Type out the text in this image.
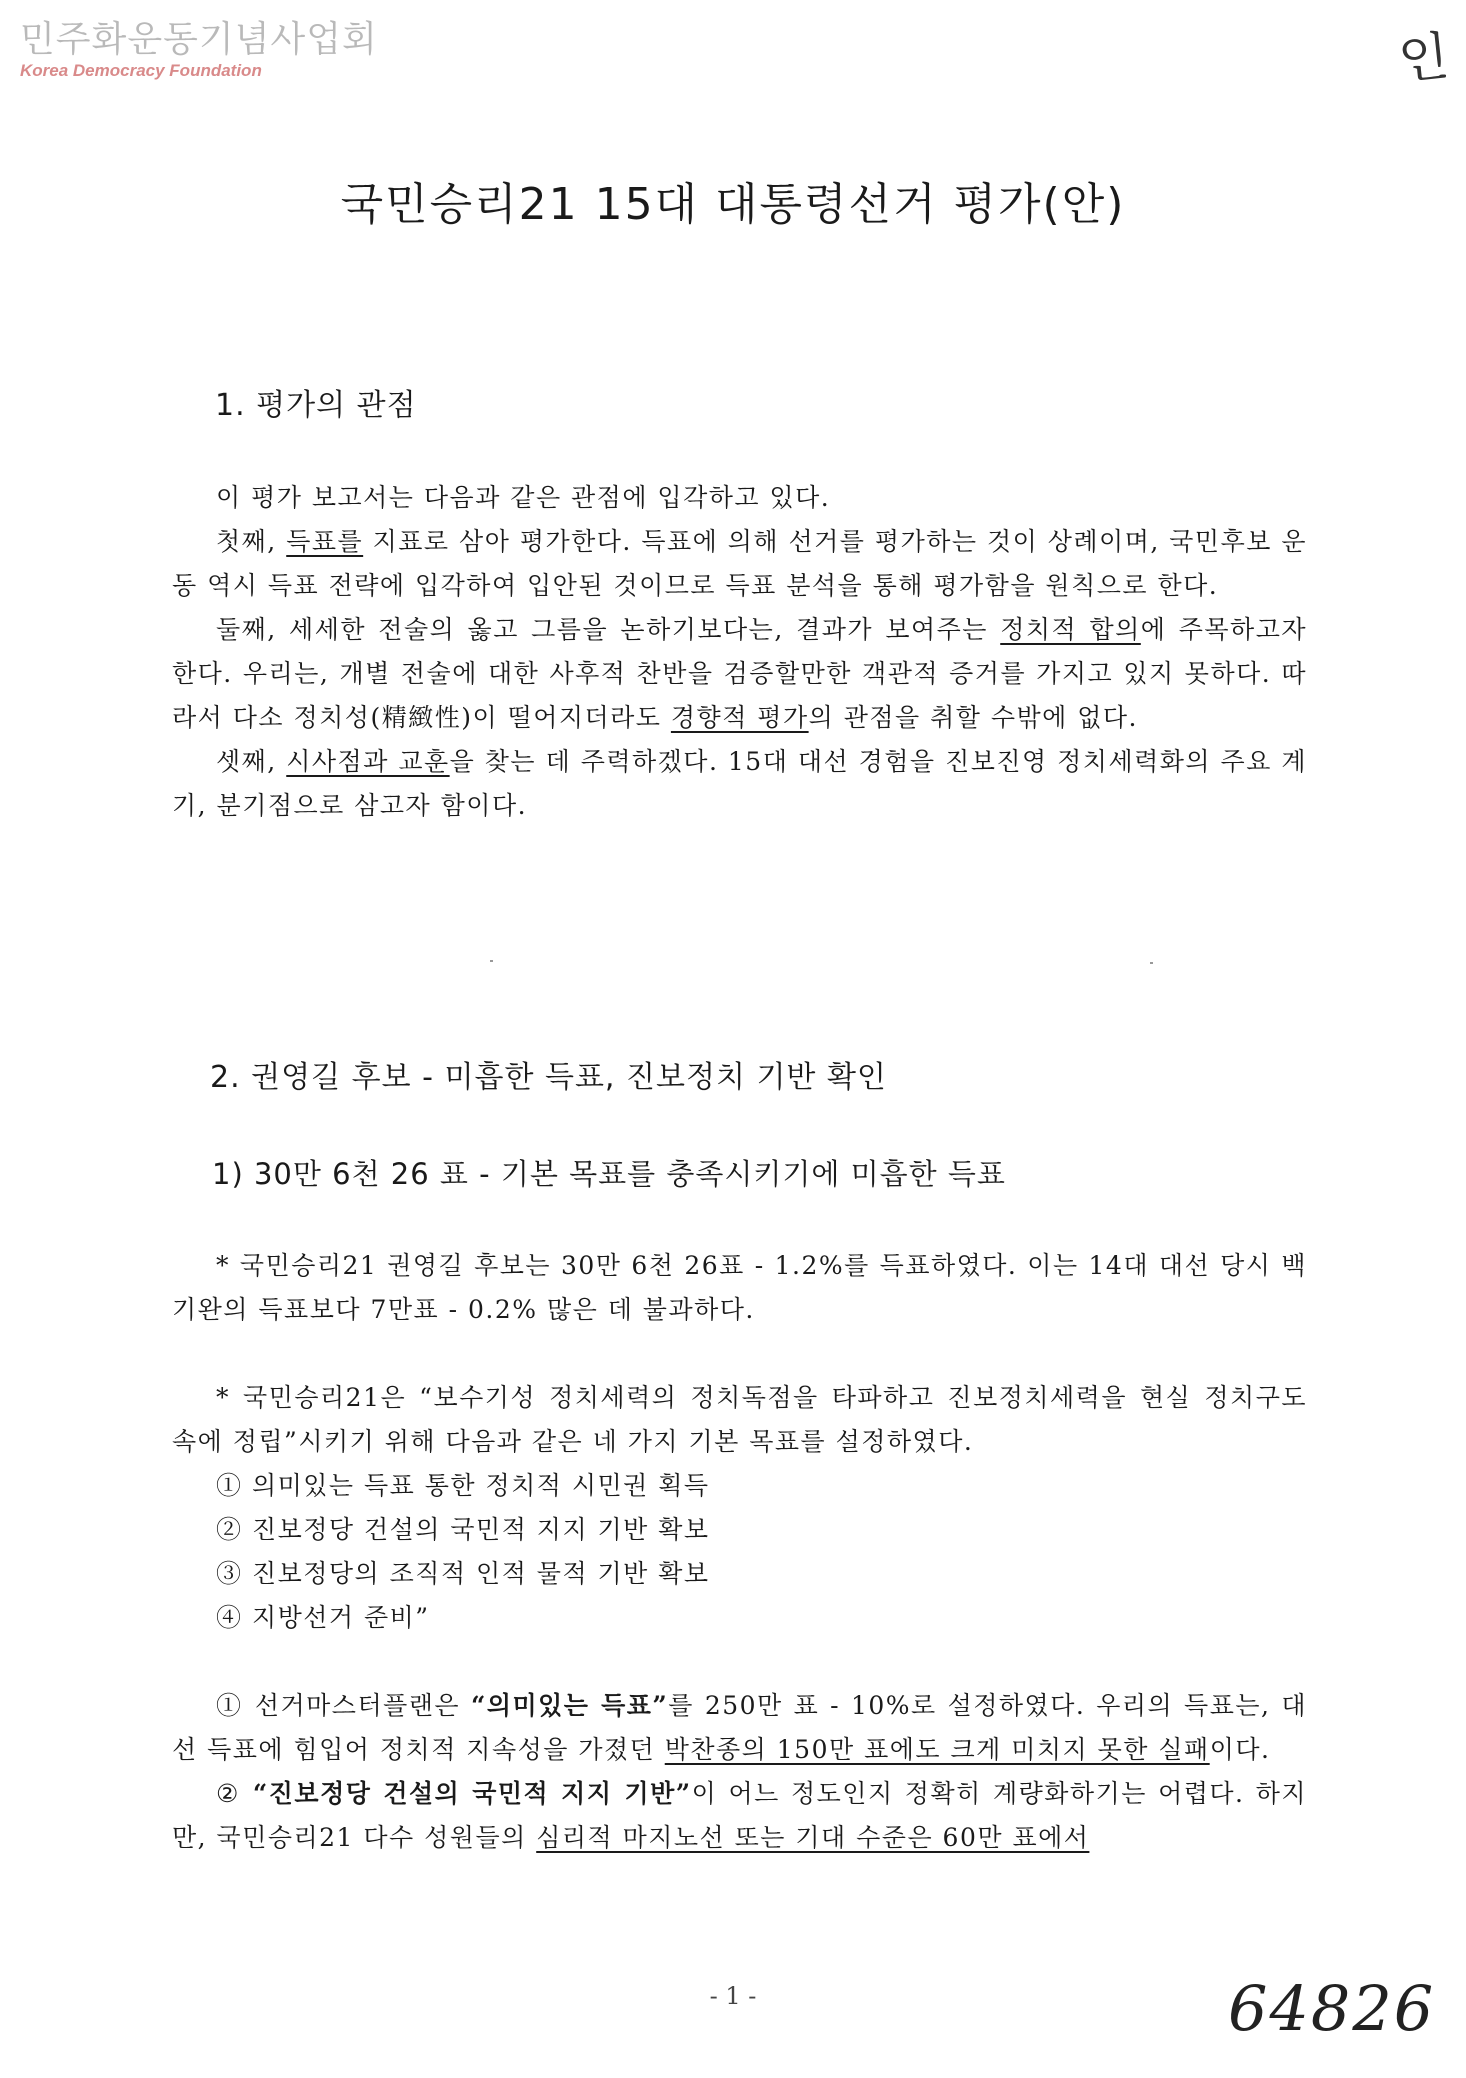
민주화운동기념사업회
Korea Democracy Foundation	인
국민승리21 15대 대통령선거 평가(안)
1. 평가의 관점

이 평가 보고서는 다음과 같은 관점에 입각하고 있다.

첫째, 득표를 지표로 삼아 평가한다. 득표에 의해 선거를 평가하는 것이 상례이며, 국민후보 운동 역시 득표 전략에 입각하여 입안된 것이므로 득표 분석을 통해 평가함을 원칙으로 한다.

둘째, 세세한 전술의 옳고 그름을 논하기보다는, 결과가 보여주는 정치적 합의에 주목하고자 한다. 우리는, 개별 전술에 대한 사후적 찬반을 검증할만한 객관적 증거를 가지고 있지 못하다. 따라서 다소 정치성(精緻性)이 떨어지더라도 경향적 평가의 관점을 취할 수밖에 없다.

셋째, 시사점과 교훈을 찾는 데 주력하겠다. 15대 대선 경험을 진보진영 정치세력화의 주요 계기, 분기점으로 삼고자 함이다.

2. 권영길 후보 - 미흡한 득표, 진보정치 기반 확인
1) 30만 6천 26 표 - 기본 목표를 충족시키기에 미흡한 득표

* 국민승리21 권영길 후보는 30만 6천 26표 - 1.2%를 득표하였다. 이는 14대 대선 당시 백기완의 득표보다 7만표 - 0.2% 많은 데 불과하다.

* 국민승리21은 “보수기성 정치세력의 정치독점을 타파하고 진보정치세력을 현실 정치구도 속에 정립”시키기 위해 다음과 같은 네 가지 기본 목표를 설정하였다.

① 의미있는 득표 통한 정치적 시민권 획득

② 진보정당 건설의 국민적 지지 기반 확보

③ 진보정당의 조직적 인적 물적 기반 확보

④ 지방선거 준비”

① 선거마스터플랜은 “의미있는 득표”를 250만 표 - 10%로 설정하였다. 우리의 득표는, 대선 득표에 힘입어 정치적 지속성을 가졌던 박찬종의 150만 표에도 크게 미치지 못한 실패이다.

② “진보정당 건설의 국민적 지지 기반”이 어느 정도인지 정확히 계량화하기는 어렵다. 하지만, 국민승리21 다수 성원들의 심리적 마지노선 또는 기대 수준은 60만 표에서

- 1 -	64826
